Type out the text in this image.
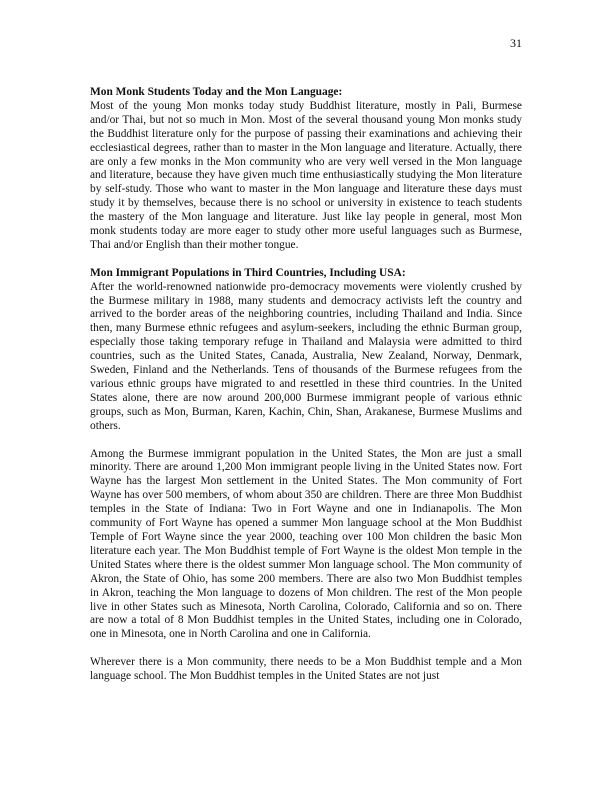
31

Mon Monk Students Today and the Mon Language:

Most of the young Mon monks today study Buddhist literature, mostly in Pali, Burmese and/or Thai, but not so much in Mon. Most of the several thousand young Mon monks study the Buddhist literature only for the purpose of passing their examinations and achieving their ecclesiastical degrees, rather than to master in the Mon language and literature. Actually, there are only a few monks in the Mon community who are very well versed in the Mon language and literature, because they have given much time enthusiastically studying the Mon literature by self-study. Those who want to master in the Mon language and literature these days must study it by themselves, because there is no school or university in existence to teach students the mastery of the Mon language and literature. Just like lay people in general, most Mon monk students today are more eager to study other more useful languages such as Burmese, Thai and/or English than their mother tongue.

Mon Immigrant Populations in Third Countries, Including USA:

After the world-renowned nationwide pro-democracy movements were violently crushed by the Burmese military in 1988, many students and democracy activists left the country and arrived to the border areas of the neighboring countries, including Thailand and India. Since then, many Burmese ethnic refugees and asylum-seekers, including the ethnic Burman group, especially those taking temporary refuge in Thailand and Malaysia were admitted to third countries, such as the United States, Canada, Australia, New Zealand, Norway, Denmark, Sweden, Finland and the Netherlands. Tens of thousands of the Burmese refugees from the various ethnic groups have migrated to and resettled in these third countries. In the United States alone, there are now around 200,000 Burmese immigrant people of various ethnic groups, such as Mon, Burman, Karen, Kachin, Chin, Shan, Arakanese, Burmese Muslims and others.

Among the Burmese immigrant population in the United States, the Mon are just a small minority. There are around 1,200 Mon immigrant people living in the United States now. Fort Wayne has the largest Mon settlement in the United States. The Mon community of Fort Wayne has over 500 members, of whom about 350 are children. There are three Mon Buddhist temples in the State of Indiana: Two in Fort Wayne and one in Indianapolis. The Mon community of Fort Wayne has opened a summer Mon language school at the Mon Buddhist Temple of Fort Wayne since the year 2000, teaching over 100 Mon children the basic Mon literature each year. The Mon Buddhist temple of Fort Wayne is the oldest Mon temple in the United States where there is the oldest summer Mon language school. The Mon community of Akron, the State of Ohio, has some 200 members. There are also two Mon Buddhist temples in Akron, teaching the Mon language to dozens of Mon children. The rest of the Mon people live in other States such as Minesota, North Carolina, Colorado, California and so on. There are now a total of 8 Mon Buddhist temples in the United States, including one in Colorado, one in Minesota, one in North Carolina and one in California.

Wherever there is a Mon community, there needs to be a Mon Buddhist temple and a Mon language school. The Mon Buddhist temples in the United States are not just
